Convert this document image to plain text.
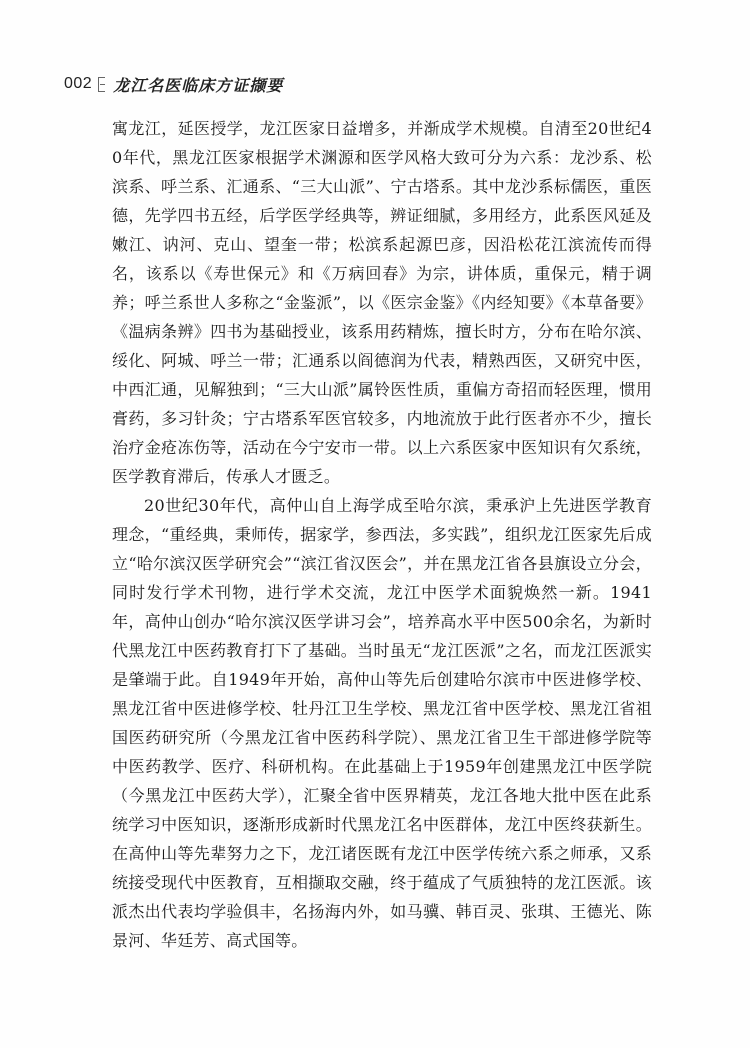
002 龙江名医临床方证撷要

寓龙江，延医授学，龙江医家日益增多，并渐成学术规模。自清至20世纪40年代，黑龙江医家根据学术渊源和医学风格大致可分为六系：龙沙系、松滨系、呼兰系、汇通系、“三大山派”、宁古塔系。其中龙沙系标儒医，重医德，先学四书五经，后学医学经典等，辨证细腻，多用经方，此系医风延及嫩江、讷河、克山、望奎一带；松滨系起源巴彦，因沿松花江滨流传而得名，该系以《寿世保元》和《万病回春》为宗，讲体质，重保元，精于调养；呼兰系世人多称之“金鉴派”，以《医宗金鉴》《内经知要》《本草备要》《温病条辨》四书为基础授业，该系用药精炼，擅长时方，分布在哈尔滨、绥化、阿城、呼兰一带；汇通系以阎德润为代表，精熟西医，又研究中医，中西汇通，见解独到；“三大山派”属铃医性质，重偏方奇招而轻医理，惯用膏药，多习针灸；宁古塔系军医官较多，内地流放于此行医者亦不少，擅长治疗金疮冻伤等，活动在今宁安市一带。以上六系医家中医知识有欠系统，医学教育滞后，传承人才匮乏。

20世纪30年代，高仲山自上海学成至哈尔滨，秉承沪上先进医学教育理念，“重经典，秉师传，据家学，参西法，多实践”，组织龙江医家先后成立“哈尔滨汉医学研究会”“滨江省汉医会”，并在黑龙江省各县旗设立分会，同时发行学术刊物，进行学术交流，龙江中医学术面貌焕然一新。1941年，高仲山创办“哈尔滨汉医学讲习会”，培养高水平中医500余名，为新时代黑龙江中医药教育打下了基础。当时虽无“龙江医派”之名，而龙江医派实是肇端于此。自1949年开始，高仲山等先后创建哈尔滨市中医进修学校、黑龙江省中医进修学校、牡丹江卫生学校、黑龙江省中医学校、黑龙江省祖国医药研究所（今黑龙江省中医药科学院）、黑龙江省卫生干部进修学院等中医药教学、医疗、科研机构。在此基础上于1959年创建黑龙江中医学院（今黑龙江中医药大学），汇聚全省中医界精英，龙江各地大批中医在此系统学习中医知识，逐渐形成新时代黑龙江名中医群体，龙江中医终获新生。在高仲山等先辈努力之下，龙江诸医既有龙江中医学传统六系之师承，又系统接受现代中医教育，互相撷取交融，终于蕴成了气质独特的龙江医派。该派杰出代表均学验俱丰，名扬海内外，如马骥、韩百灵、张琪、王德光、陈景河、华廷芳、高式国等。
